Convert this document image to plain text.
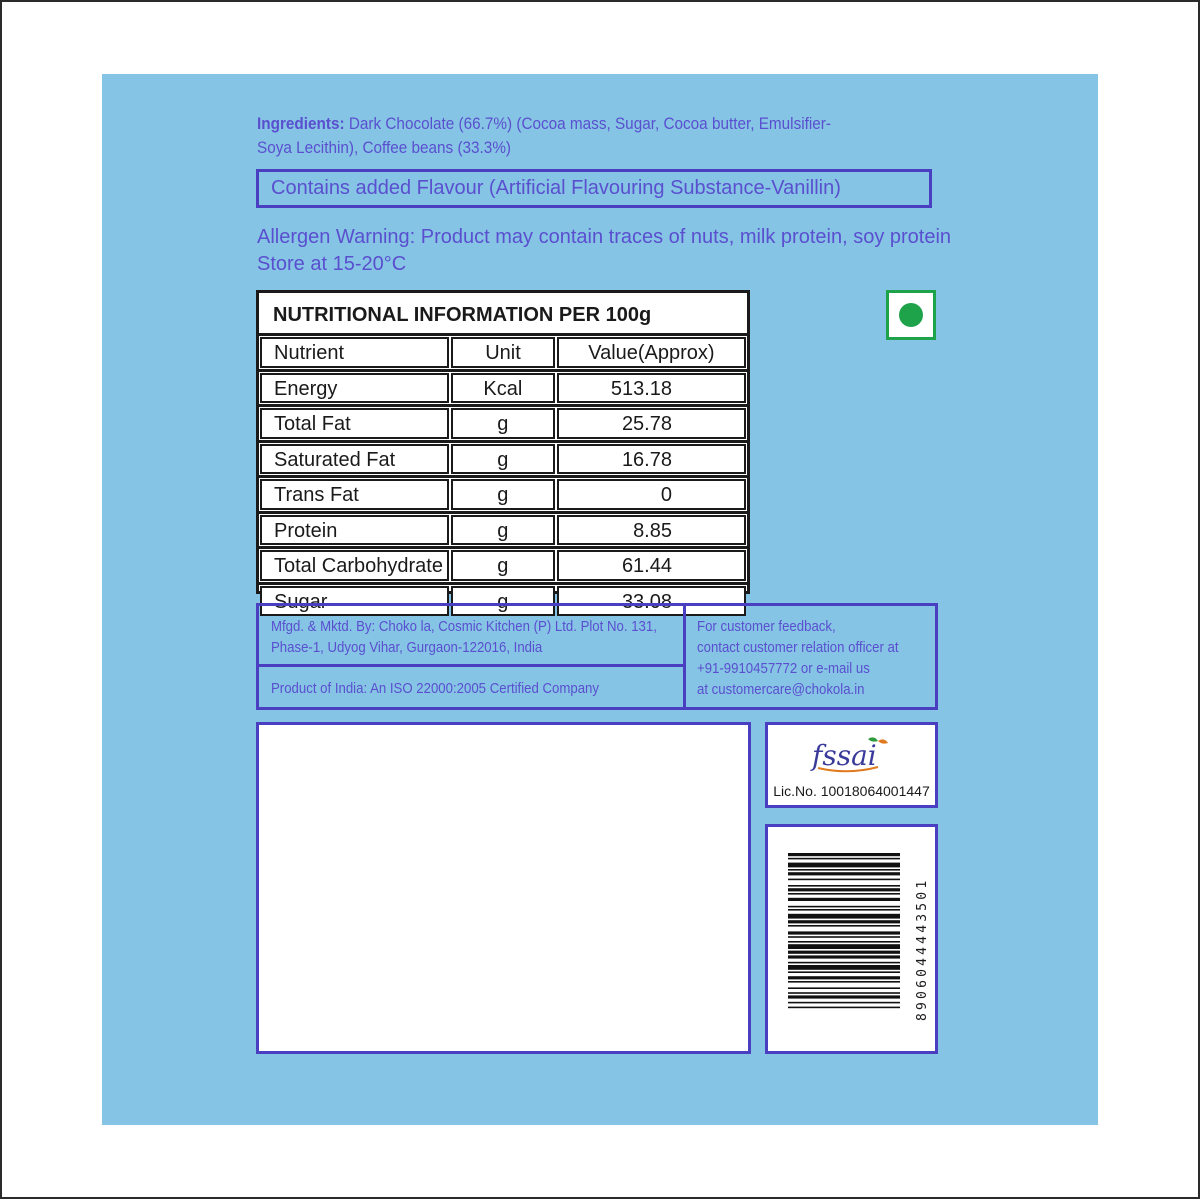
Ingredients: Dark Chocolate (66.7%) (Cocoa mass, Sugar, Cocoa butter, Emulsifier-Soya Lecithin), Coffee beans (33.3%)
Contains added Flavour (Artificial Flavouring Substance-Vanillin)
Allergen Warning: Product may contain traces of nuts, milk protein, soy protein
Store at 15-20°C
NUTRITIONAL INFORMATION PER 100g
Nutrient	Unit	Value(Approx)
Energy	Kcal	513.18
Total Fat	g	25.78
Saturated Fat	g	16.78
Trans Fat	g	0
Protein	g	8.85
Total Carbohydrate	g	61.44
Sugar	g	33.08
Mfgd. & Mktd. By: Choko la, Cosmic Kitchen (P) Ltd. Plot No. 131,
Phase-1, Udyog Vihar, Gurgaon-122016, India
Product of India: An ISO 22000:2005 Certified Company
For customer feedback,
contact customer relation officer at
+91-9910457772 or e-mail us
at customercare@chokola.in
fssai
Lic.No. 10018064001447
8906044443501
